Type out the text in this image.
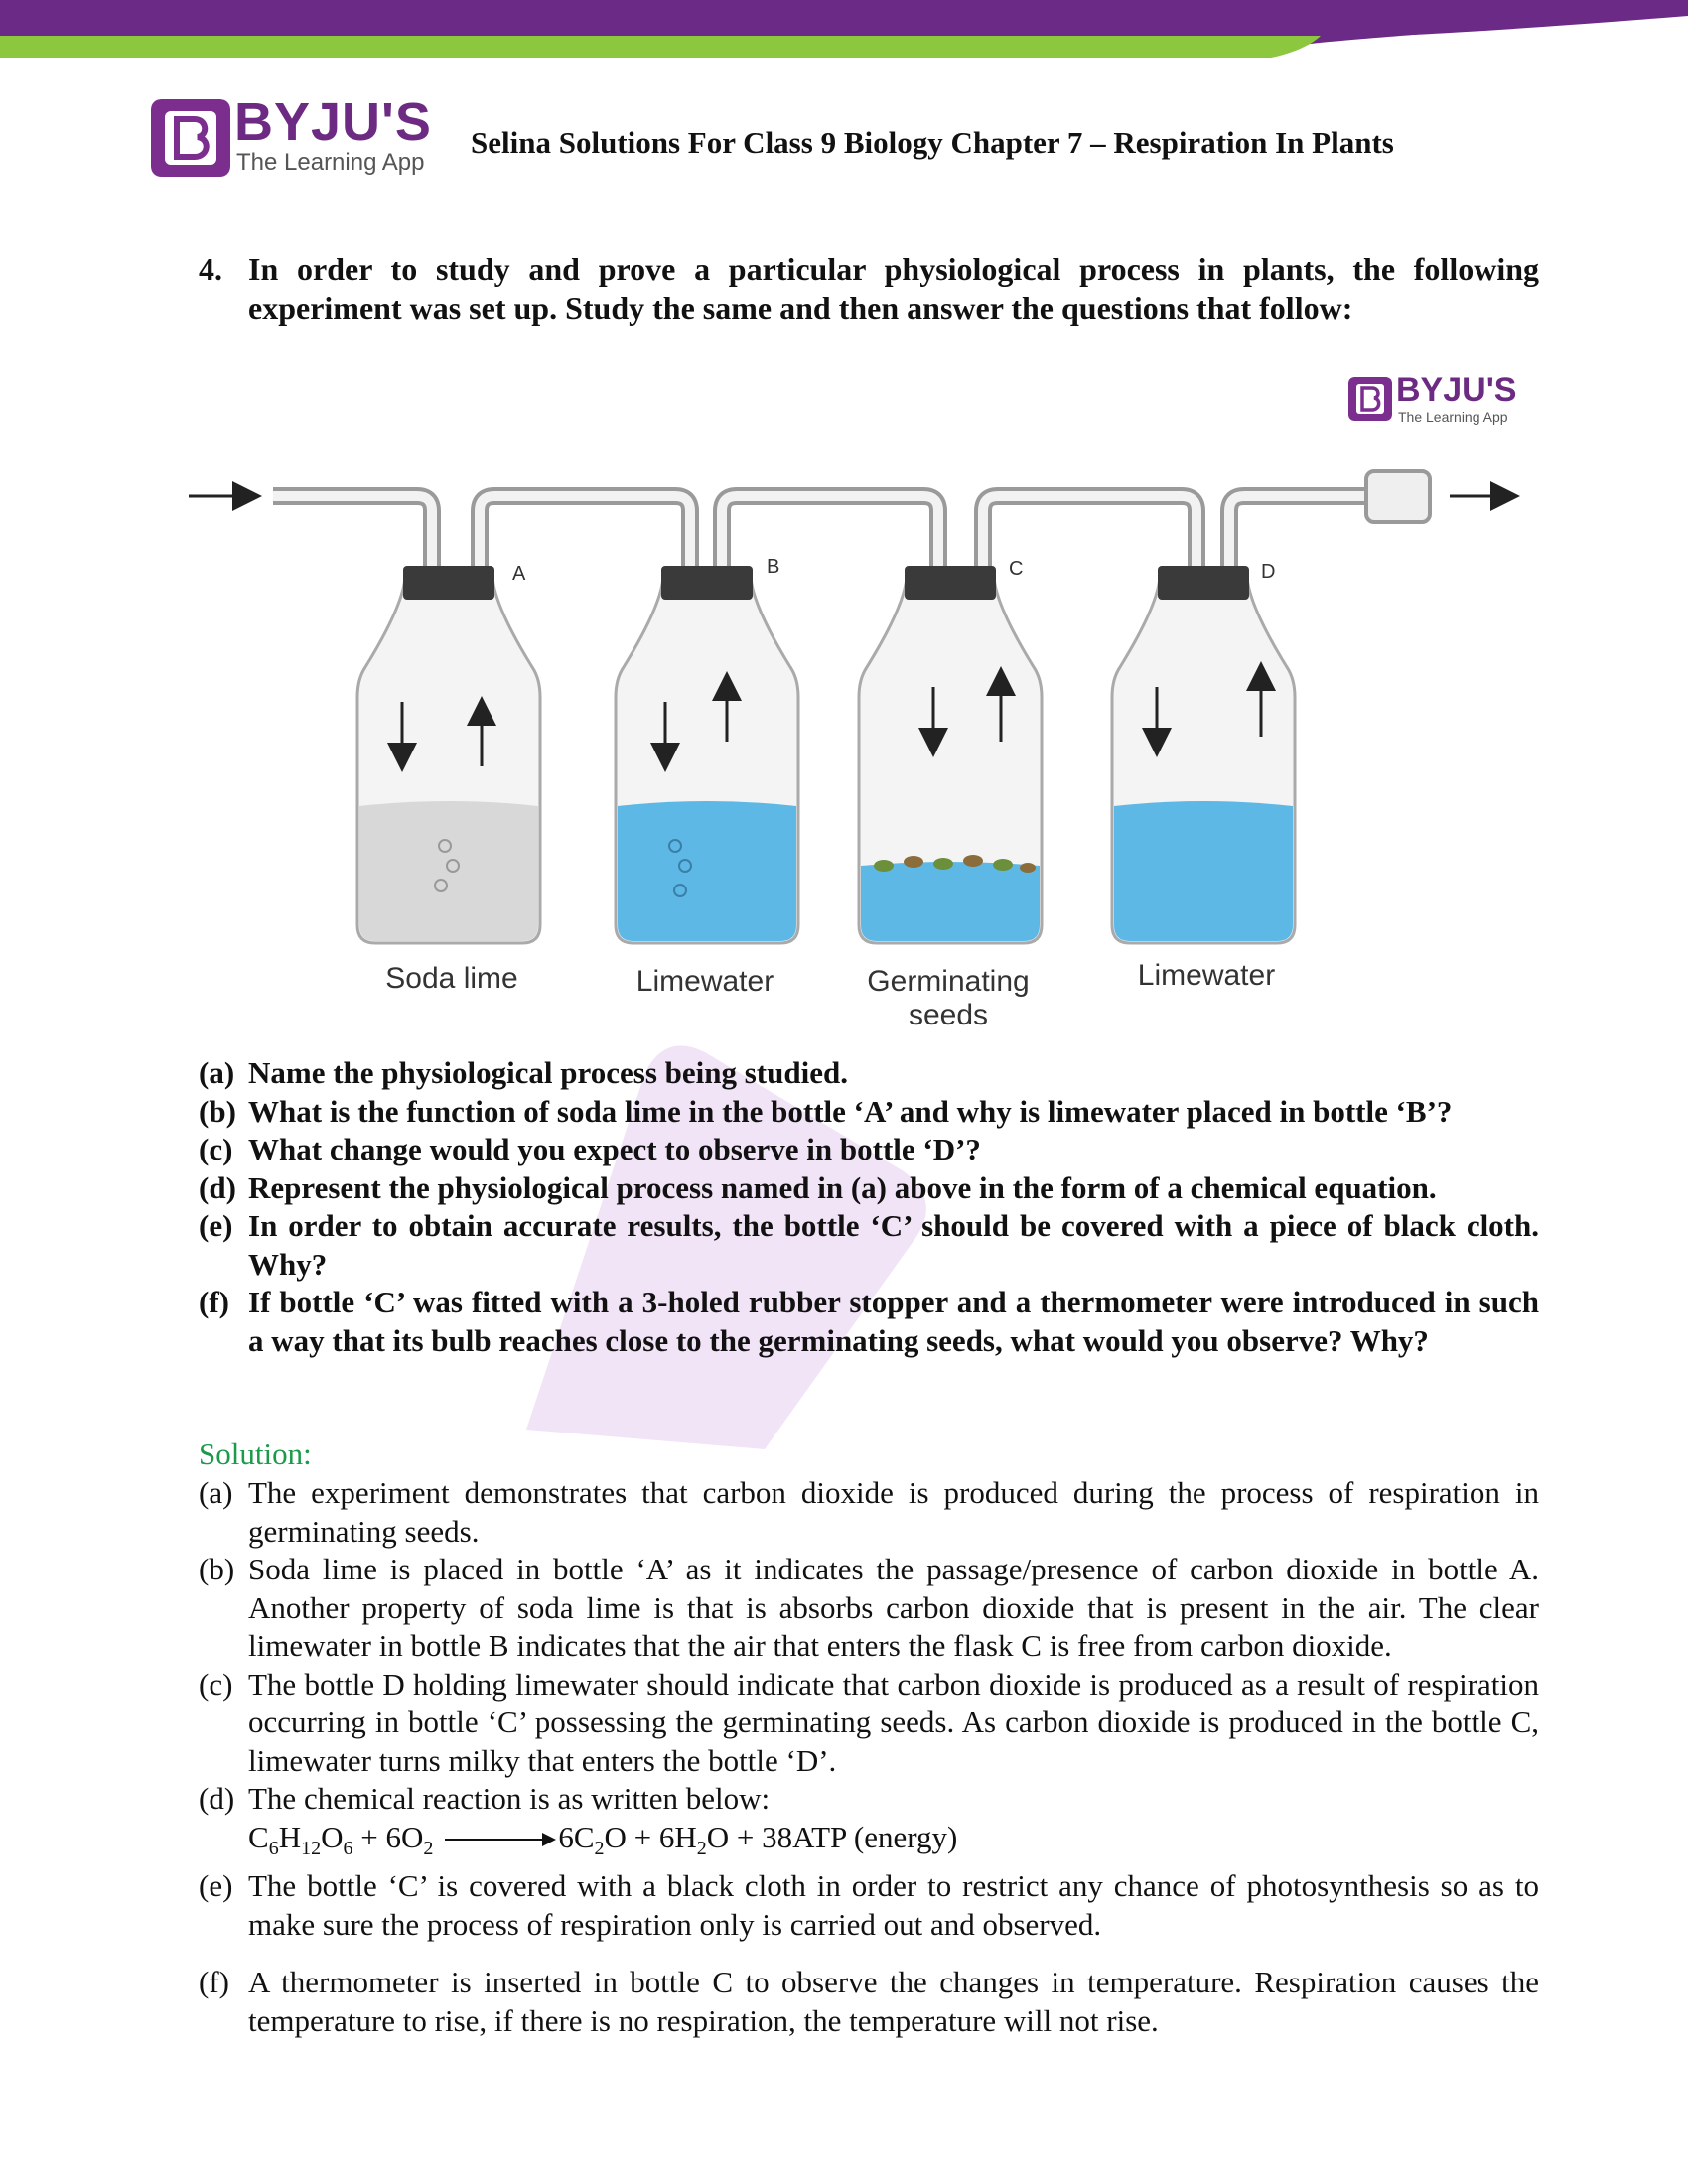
BYJU'S
The Learning App
Selina Solutions For Class 9 Biology Chapter 7 – Respiration In Plants
4. In order to study and prove a particular physiological process in plants, the following experiment was set up. Study the same and then answer the questions that follow:
BYJU'S
The Learning App
A	B	C	D
Soda lime	Limewater	Germinating
seeds
Limewater
(a) Name the physiological process being studied.
(b) What is the function of soda lime in the bottle ‘A’ and why is limewater placed in bottle ‘B’?
(c) What change would you expect to observe in bottle ‘D’?
(d) Represent the physiological process named in (a) above in the form of a chemical equation.
(e) In order to obtain accurate results, the bottle ‘C’ should be covered with a piece of black cloth. Why?
(f) If bottle ‘C’ was fitted with a 3-holed rubber stopper and a thermometer were introduced in such a way that its bulb reaches close to the germinating seeds, what would you observe? Why?
Solution:
(a) The experiment demonstrates that carbon dioxide is produced during the process of respiration in germinating seeds.
(b) Soda lime is placed in bottle ‘A’ as it indicates the passage/presence of carbon dioxide in bottle A. Another property of soda lime is that is absorbs carbon dioxide that is present in the air. The clear limewater in bottle B indicates that the air that enters the flask C is free from carbon dioxide.
(c) The bottle D holding limewater should indicate that carbon dioxide is produced as a result of respiration occurring in bottle ‘C’ possessing the germinating seeds. As carbon dioxide is produced in the bottle C, limewater turns milky that enters the bottle ‘D’.
(d) The chemical reaction is as written below:
$C_6H_{12}O_6 + 6O_2 \to 6C_2O + 6H_2O + 38ATP$ (energy)
(e) The bottle ‘C’ is covered with a black cloth in order to restrict any chance of photosynthesis so as to make sure the process of respiration only is carried out and observed.
(f) A thermometer is inserted in bottle C to observe the changes in temperature. Respiration causes the temperature to rise, if there is no respiration, the temperature will not rise.
